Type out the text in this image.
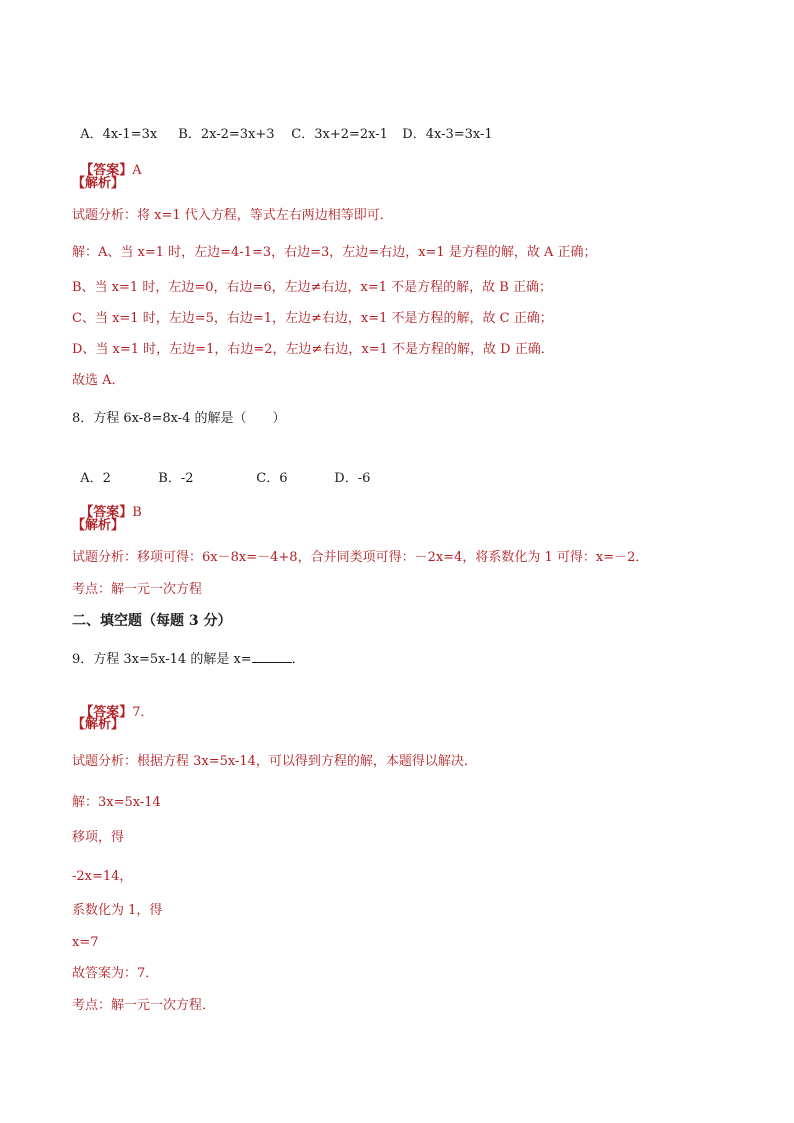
A．4x-1=3x B．2x-2=3x+3 C．3x+2=2x-1 D．4x-3=3x-1

【答案】A

【解析】
试题分析：将 x=1 代入方程，等式左右两边相等即可．
解：A、当 x=1 时，左边=4-1=3，右边=3，左边=右边，x=1 是方程的解，故 A 正确；
B、当 x=1 时，左边=0，右边=6，左边≠右边，x=1 不是方程的解，故 B 正确；
C、当 x=1 时，左边=5，右边=1，左边≠右边，x=1 不是方程的解，故 C 正确；
D、当 x=1 时，左边=1，右边=2，左边≠右边，x=1 不是方程的解，故 D 正确．
故选 A．
8．方程 6x-8=8x-4 的解是（　　）

A．2	B．-2	C．6	D．-6

【答案】B

【解析】
试题分析：移项可得：6x－8x=－4+8，合并同类项可得：－2x=4，将系数化为 1 可得：x=－2．
考点：解一元一次方程
二、填空题（每题 3 分）
9．方程 3x=5x-14 的解是 x=	．

【答案】7．

【解析】
试题分析：根据方程 3x=5x-14，可以得到方程的解，本题得以解决．
解：3x=5x-14
移项，得
-2x=14，
系数化为 1，得
x=7
故答案为：7．
考点：解一元一次方程．
